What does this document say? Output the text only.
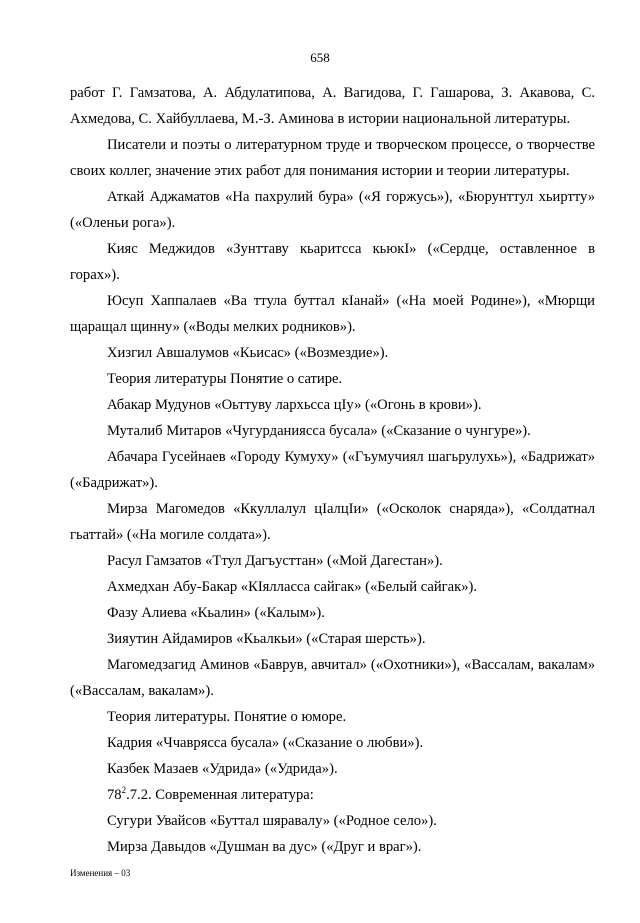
658

работ Г. Гамзатова, А. Абдулатипова, А. Вагидова, Г. Гашарова, З. Акавова, С. Ахмедова, С. Хайбуллаева, М.-З. Аминова в истории национальной литературы.

Писатели и поэты о литературном труде и творческом процессе, о творчестве своих коллег, значение этих работ для понимания истории и теории литературы.

Аткай Аджаматов «На пахрулий бура» («Я горжусь»), «Бюрунттул хьиртту» («Оленьи рога»).

Кияс Меджидов «Зунттаву кьаритсса кьюкI» («Сердце, оставленное в горах»).

Юсуп Хаппалаев «Ва ттула буттал кIанай» («На моей Родине»), «Мюрщи щаращал щинну» («Воды мелких родников»).

Хизгил Авшалумов «Кьисас» («Возмездие»).

Теория литературы Понятие о сатире.

Абакар Мудунов «Оьттуву лархьсса цIу» («Огонь в крови»).

Муталиб Митаров «Чугурданиясса бусала» («Сказание о чунгуре»).

Абачара Гусейнаев «Городу Кумуху» («Гъумучиял шагьрулухь»), «Бадрижат» («Бадрижат»).

Мирза Магомедов «Ккуллалул цIалцIи» («Осколок снаряда»), «Солдатнал гьаттай» («На могиле солдата»).

Расул Гамзатов «Ттул Дагъусттан» («Мой Дагестан»).

Ахмедхан Абу-Бакар «КIялласса сайгак» («Белый сайгак»).

Фазу Алиева «Кьалин» («Калым»).

Зияутин Айдамиров «Кьалкьи» («Старая шерсть»).

Магомедзагид Аминов «Баврув, авчитал» («Охотники»), «Вассалам, вакалам» («Вассалам, вакалам»).

Теория литературы. Понятие о юморе.

Кадрия «Ччаврясса бусала» («Сказание о любви»).

Казбек Мазаев «Удрида» («Удрида»).

$78^2.7.2$. Современная литература:

Сугури Увайсов «Буттал шяравалу» («Родное село»).

Мирза Давыдов «Душман ва дус» («Друг и враг»).

Изменения – 03
